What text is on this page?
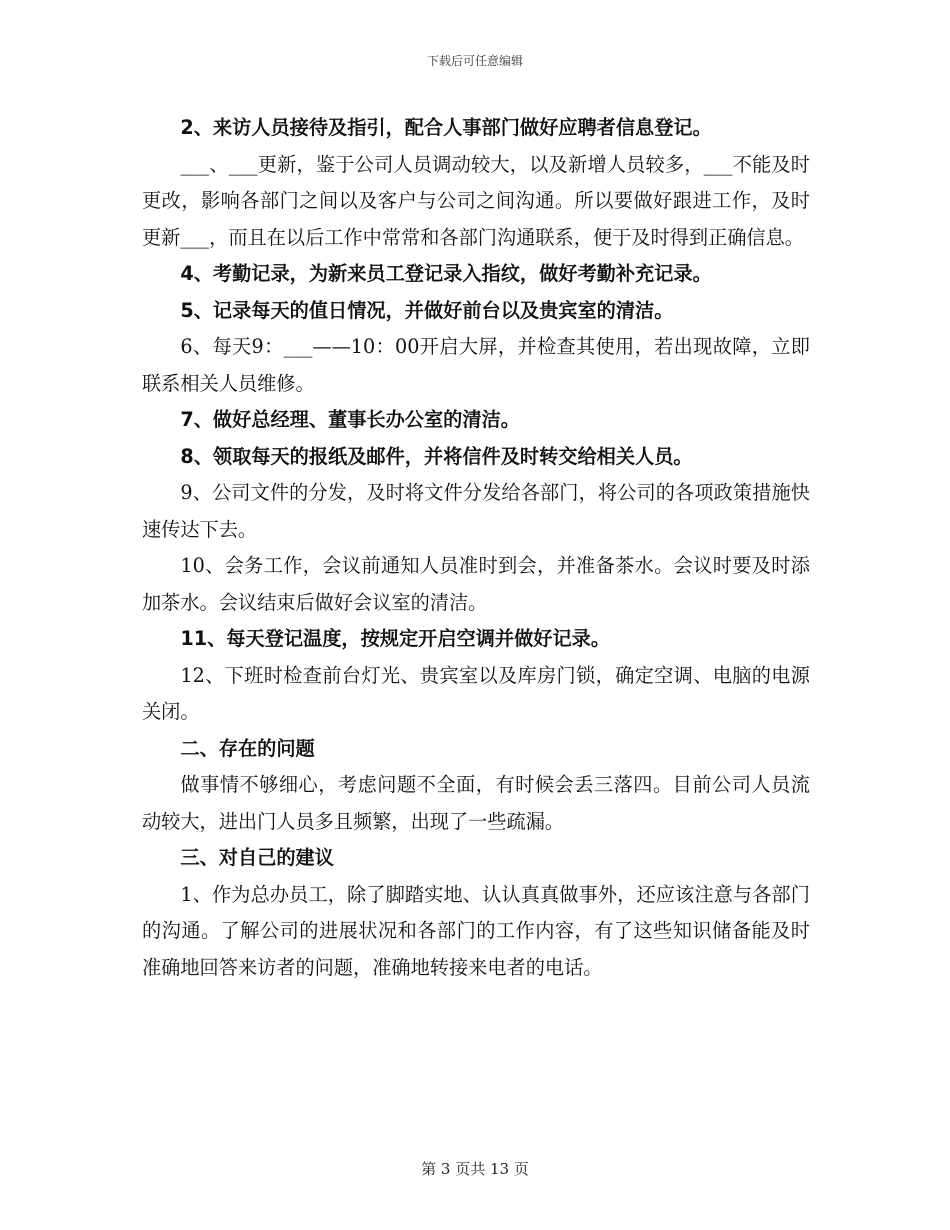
下载后可任意编辑

2、来访人员接待及指引，配合人事部门做好应聘者信息登记。

___、___更新，鉴于公司人员调动较大，以及新增人员较多，___不能及时更改，影响各部门之间以及客户与公司之间沟通。所以要做好跟进工作，及时更新___，而且在以后工作中常常和各部门沟通联系，便于及时得到正确信息。

4、考勤记录，为新来员工登记录入指纹，做好考勤补充记录。

5、记录每天的值日情况，并做好前台以及贵宾室的清洁。

6、每天9：___——10：00开启大屏，并检查其使用，若出现故障，立即联系相关人员维修。

7、做好总经理、董事长办公室的清洁。

8、领取每天的报纸及邮件，并将信件及时转交给相关人员。

9、公司文件的分发，及时将文件分发给各部门，将公司的各项政策措施快速传达下去。

10、会务工作，会议前通知人员准时到会，并准备茶水。会议时要及时添加茶水。会议结束后做好会议室的清洁。

11、每天登记温度，按规定开启空调并做好记录。

12、下班时检查前台灯光、贵宾室以及库房门锁，确定空调、电脑的电源关闭。

二、存在的问题

做事情不够细心，考虑问题不全面，有时候会丢三落四。目前公司人员流动较大，进出门人员多且频繁，出现了一些疏漏。

三、对自己的建议

1、作为总办员工，除了脚踏实地、认认真真做事外，还应该注意与各部门的沟通。了解公司的进展状况和各部门的工作内容，有了这些知识储备能及时准确地回答来访者的问题，准确地转接来电者的电话。

第 3 页共 13 页
